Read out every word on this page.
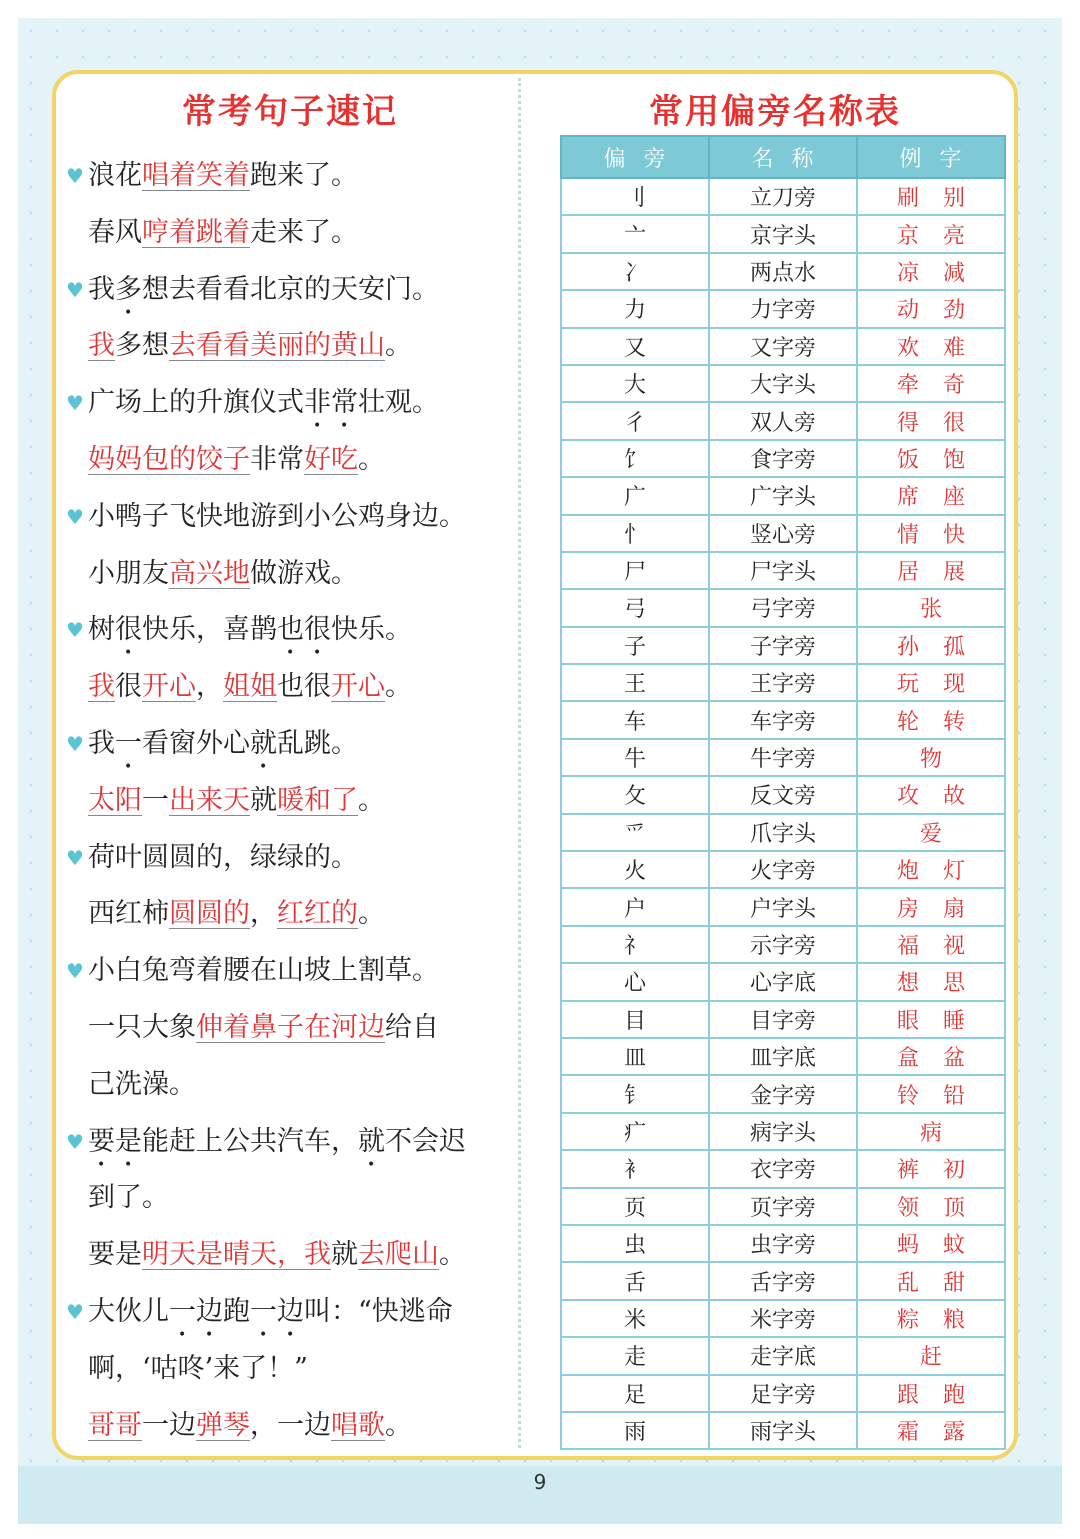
9
常考句子速记	常用偏旁名称表
♥ 浪花唱着笑着跑来了。
春风哼着跳着走来了。
♥ 我多想去看看北京的天安门。
我多想去看看美丽的黄山。
♥ 广场上的升旗仪式非常壮观。
妈妈包的饺子非常好吃。
♥ 小鸭子飞快地游到小公鸡身边。
小朋友高兴地做游戏。
♥ 树很快乐，喜鹊也很快乐。
我很开心，姐姐也很开心。
♥ 我一看窗外心就乱跳。
太阳一出来天就暖和了。
♥ 荷叶圆圆的，绿绿的。
西红柿圆圆的，红红的。
♥ 小白兔弯着腰在山坡上割草。
一只大象伸着鼻子在河边给自
己洗澡。
♥ 要是能赶上公共汽车，就不会迟
到了。
要是明天是晴天，我就去爬山。
♥ 大伙儿一边跑一边叫：“快逃命
啊，‘咕咚’来了！”
哥哥一边弹琴，一边唱歌。
偏旁	名称	例字
刂	立刀旁	刷别
亠	京字头	京亮
冫	两点水	凉减
力	力字旁	动劲
又	又字旁	欢难
大	大字头	牵奇
彳	双人旁	得很
饣	食字旁	饭饱
广	广字头	席座
忄	竖心旁	情快
尸	尸字头	居展
弓	弓字旁	张
子	子字旁	孙孤
王	王字旁	玩现
车	车字旁	轮转
牛	牛字旁	物
攵	反文旁	攻故
爫	爪字头	爱
火	火字旁	炮灯
户	户字头	房扇
礻	示字旁	福视
心	心字底	想思
目	目字旁	眼睡
皿	皿字底	盒盆
钅	金字旁	铃铅
疒	病字头	病
衤	衣字旁	裤初
页	页字旁	领顶
虫	虫字旁	蚂蚊
舌	舌字旁	乱甜
米	米字旁	粽粮
走	走字底	赶
足	足字旁	跟跑
雨	雨字头	霜露
